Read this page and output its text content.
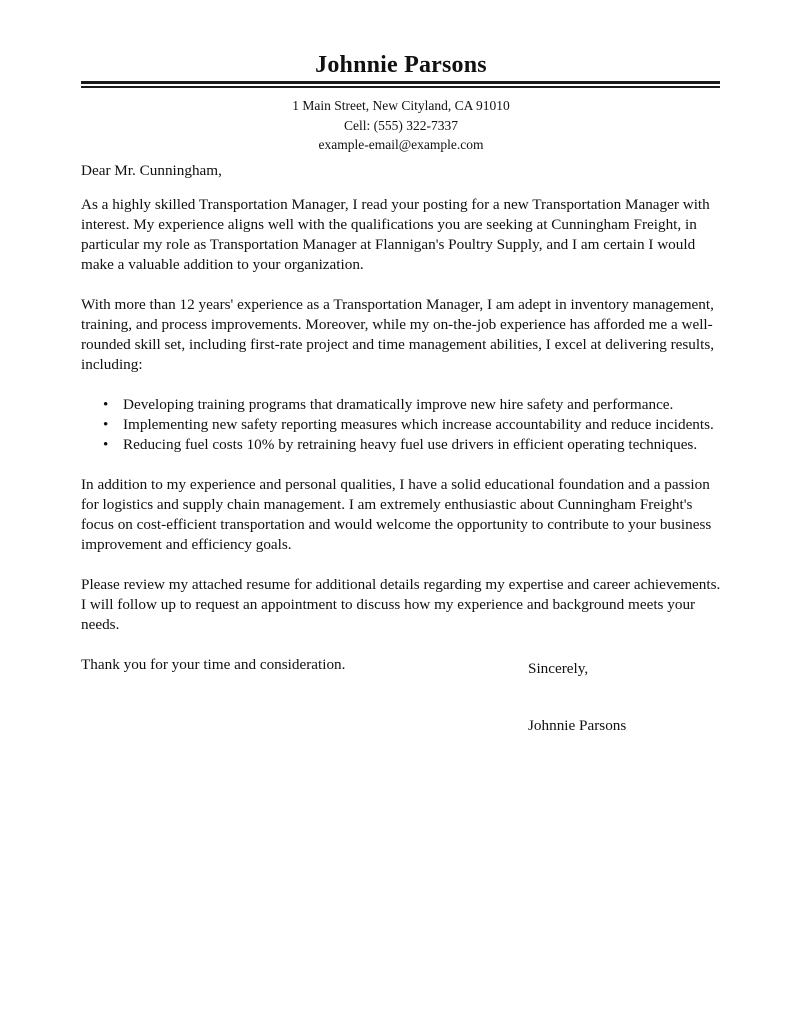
Johnnie Parsons
1 Main Street, New Cityland, CA 91010
Cell: (555) 322-7337
example-email@example.com

Dear Mr. Cunningham,

As a highly skilled Transportation Manager, I read your posting for a new Transportation Manager with interest. My experience aligns well with the qualifications you are seeking at Cunningham Freight, in particular my role as Transportation Manager at Flannigan's Poultry Supply, and I am certain I would make a valuable addition to your organization.

With more than 12 years' experience as a Transportation Manager, I am adept in inventory management, training, and process improvements. Moreover, while my on-the-job experience has afforded me a well-rounded skill set, including first-rate project and time management abilities, I excel at delivering results, including:

• Developing training programs that dramatically improve new hire safety and performance.
• Implementing new safety reporting measures which increase accountability and reduce incidents.
• Reducing fuel costs 10% by retraining heavy fuel use drivers in efficient operating techniques.

In addition to my experience and personal qualities, I have a solid educational foundation and a passion for logistics and supply chain management. I am extremely enthusiastic about Cunningham Freight's focus on cost-efficient transportation and would welcome the opportunity to contribute to your business improvement and efficiency goals.

Please review my attached resume for additional details regarding my expertise and career achievements. I will follow up to request an appointment to discuss how my experience and background meets your needs.

Thank you for your time and consideration.	Sincerely,
Johnnie Parsons
